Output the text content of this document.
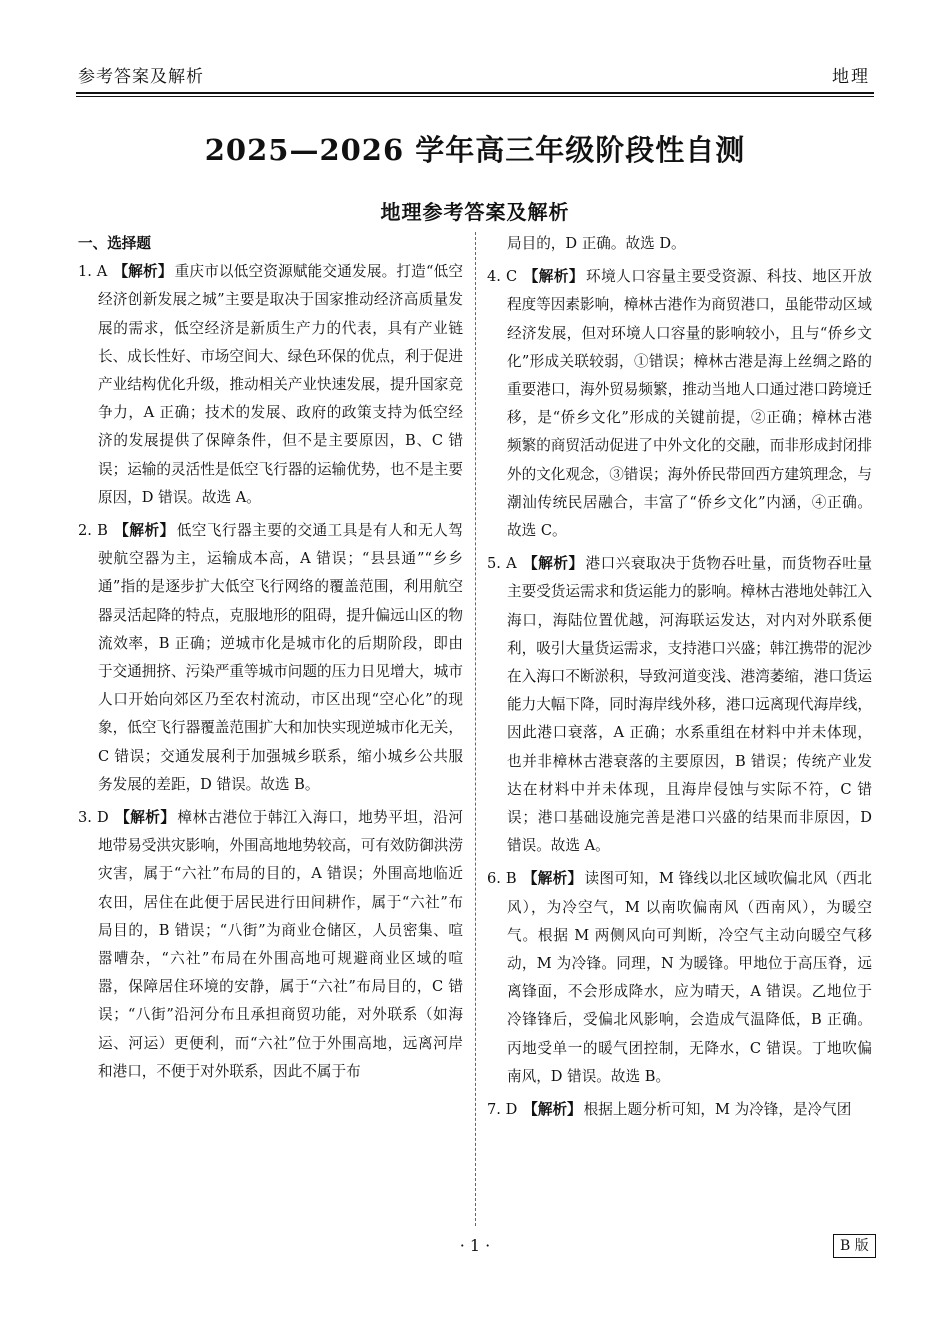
参考答案及解析	地理
2025—2026 学年高三年级阶段性自测
地理参考答案及解析
一、选择题

1. A 【解析】 重庆市以低空资源赋能交通发展。打造“低空经济创新发展之城”主要是取决于国家推动经济高质量发展的需求，低空经济是新质生产力的代表，具有产业链长、成长性好、市场空间大、绿色环保的优点，利于促进产业结构优化升级，推动相关产业快速发展，提升国家竞争力，A 正确；技术的发展、政府的政策支持为低空经济的发展提供了保障条件，但不是主要原因，B、C 错误；运输的灵活性是低空飞行器的运输优势，也不是主要原因，D 错误。故选 A。

2. B 【解析】 低空飞行器主要的交通工具是有人和无人驾驶航空器为主，运输成本高，A 错误；“县县通”“乡乡通”指的是逐步扩大低空飞行网络的覆盖范围，利用航空器灵活起降的特点，克服地形的阻碍，提升偏远山区的物流效率，B 正确；逆城市化是城市化的后期阶段，即由于交通拥挤、污染严重等城市问题的压力日见增大，城市人口开始向郊区乃至农村流动，市区出现“空心化”的现象，低空飞行器覆盖范围扩大和加快实现逆城市化无关，C 错误；交通发展利于加强城乡联系，缩小城乡公共服务发展的差距，D 错误。故选 B。

3. D 【解析】 樟林古港位于韩江入海口，地势平坦，沿河地带易受洪灾影响，外围高地地势较高，可有效防御洪涝灾害，属于“六社”布局的目的，A 错误；外围高地临近农田，居住在此便于居民进行田间耕作，属于“六社”布局目的，B 错误；“八街”为商业仓储区，人员密集、喧嚣嘈杂，“六社”布局在外围高地可规避商业区域的喧嚣，保障居住环境的安静，属于“六社”布局目的，C 错误；“八街”沿河分布且承担商贸功能，对外联系（如海运、河运）更便利，而“六社”位于外围高地，远离河岸和港口，不便于对外联系，因此不属于布

局目的，D 正确。故选 D。

4. C 【解析】 环境人口容量主要受资源、科技、地区开放程度等因素影响，樟林古港作为商贸港口，虽能带动区域经济发展，但对环境人口容量的影响较小，且与“侨乡文化”形成关联较弱，①错误；樟林古港是海上丝绸之路的重要港口，海外贸易频繁，推动当地人口通过港口跨境迁移，是“侨乡文化”形成的关键前提，②正确；樟林古港频繁的商贸活动促进了中外文化的交融，而非形成封闭排外的文化观念，③错误；海外侨民带回西方建筑理念，与潮汕传统民居融合，丰富了“侨乡文化”内涵，④正确。故选 C。

5. A 【解析】 港口兴衰取决于货物吞吐量，而货物吞吐量主要受货运需求和货运能力的影响。樟林古港地处韩江入海口，海陆位置优越，河海联运发达，对内对外联系便利，吸引大量货运需求，支持港口兴盛；韩江携带的泥沙在入海口不断淤积，导致河道变浅、港湾萎缩，港口货运能力大幅下降，同时海岸线外移，港口远离现代海岸线，因此港口衰落，A 正确；水系重组在材料中并未体现，也并非樟林古港衰落的主要原因，B 错误；传统产业发达在材料中并未体现，且海岸侵蚀与实际不符，C 错误；港口基础设施完善是港口兴盛的结果而非原因，D 错误。故选 A。

6. B 【解析】 读图可知，M 锋线以北区域吹偏北风（西北风），为冷空气，M 以南吹偏南风（西南风），为暖空气。根据 M 两侧风向可判断，冷空气主动向暖空气移动，M 为冷锋。同理，N 为暖锋。甲地位于高压脊，远离锋面，不会形成降水，应为晴天，A 错误。乙地位于冷锋锋后，受偏北风影响，会造成气温降低，B 正确。丙地受单一的暖气团控制，无降水，C 错误。丁地吹偏南风，D 错误。故选 B。

7. D 【解析】 根据上题分析可知，M 为冷锋，是冷气团

· 1 ·	B 版
